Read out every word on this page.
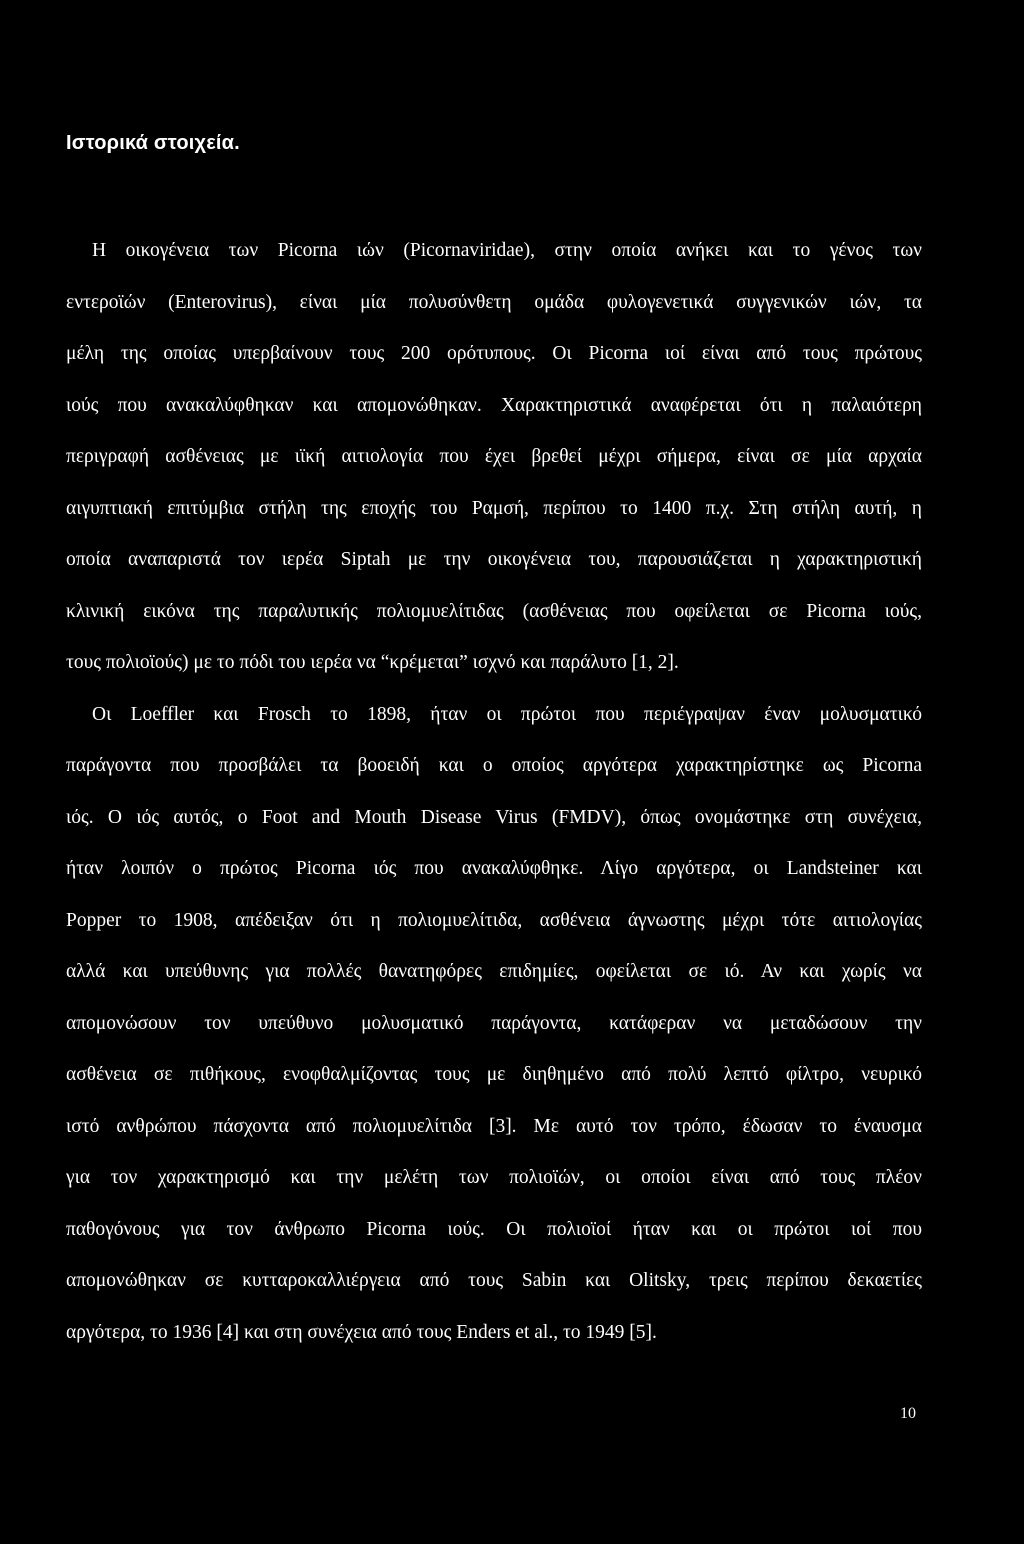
Ιστορικά στοιχεία.
Η οικογένεια των Picorna ιών (Picornaviridae), στην οποία ανήκει και το γένος των
εντεροϊών (Enterovirus), είναι μία πολυσύνθετη ομάδα φυλογενετικά συγγενικών ιών, τα
μέλη της οποίας υπερβαίνουν τους 200 ορότυπους. Οι Picorna ιοί είναι από τους πρώτους
ιούς που ανακαλύφθηκαν και απομονώθηκαν. Χαρακτηριστικά αναφέρεται ότι η παλαιότερη
περιγραφή ασθένειας με ιϊκή αιτιολογία που έχει βρεθεί μέχρι σήμερα, είναι σε μία αρχαία
αιγυπτιακή επιτύμβια στήλη της εποχής του Ραμσή, περίπου το 1400 π.χ. Στη στήλη αυτή, η
οποία αναπαριστά τον ιερέα Siptah με την οικογένεια του, παρουσιάζεται η χαρακτηριστική
κλινική εικόνα της παραλυτικής πολιομυελίτιδας (ασθένειας που οφείλεται σε Picorna ιούς,
τους πολιοϊούς) με το πόδι του ιερέα να “κρέμεται” ισχνό και παράλυτο [1, 2].
Οι Loeffler και Frosch το 1898, ήταν οι πρώτοι που περιέγραψαν έναν μολυσματικό
παράγοντα που προσβάλει τα βοοειδή και ο οποίος αργότερα χαρακτηρίστηκε ως Picorna
ιός. Ο ιός αυτός, ο Foot and Mouth Disease Virus (FMDV), όπως ονομάστηκε στη συνέχεια,
ήταν λοιπόν ο πρώτος Picorna ιός που ανακαλύφθηκε. Λίγο αργότερα, οι Landsteiner και
Popper το 1908, απέδειξαν ότι η πολιομυελίτιδα, ασθένεια άγνωστης μέχρι τότε αιτιολογίας
αλλά και υπεύθυνης για πολλές θανατηφόρες επιδημίες, οφείλεται σε ιό. Αν και χωρίς να
απομονώσουν τον υπεύθυνο μολυσματικό παράγοντα, κατάφεραν να μεταδώσουν την
ασθένεια σε πιθήκους, ενοφθαλμίζοντας τους με διηθημένο από πολύ λεπτό φίλτρο, νευρικό
ιστό ανθρώπου πάσχοντα από πολιομυελίτιδα [3]. Με αυτό τον τρόπο, έδωσαν το έναυσμα
για τον χαρακτηρισμό και την μελέτη των πολιοϊών, οι οποίοι είναι από τους πλέον
παθογόνους για τον άνθρωπο Picorna ιούς. Οι πολιοϊοί ήταν και οι πρώτοι ιοί που
απομονώθηκαν σε κυτταροκαλλιέργεια από τους Sabin και Olitsky, τρεις περίπου δεκαετίες
αργότερα, το 1936 [4] και στη συνέχεια από τους Enders et al., το 1949 [5].
10
